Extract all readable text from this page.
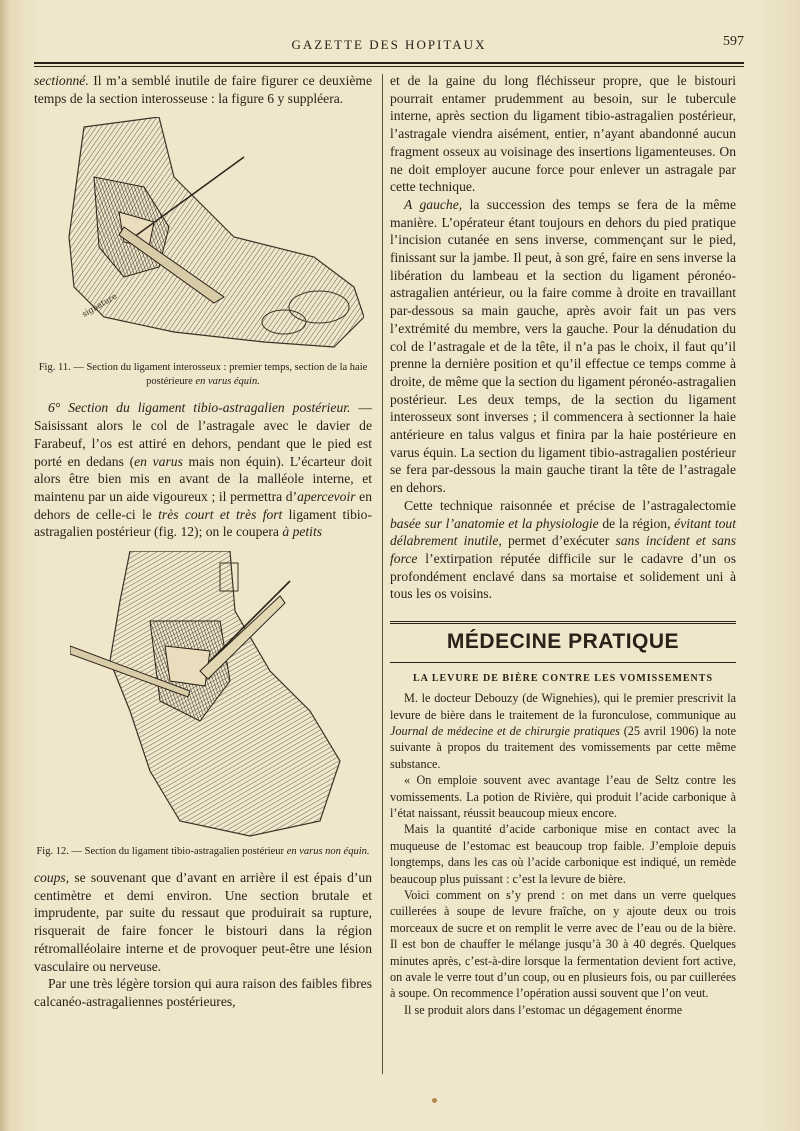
GAZETTE DES HOPITAUX	597

sectionné. Il m’a semblé inutile de faire figurer ce deuxième temps de la section interosseuse : la figure 6 y suppléera.

signature

Fig. 11. — Section du ligament interosseux : premier temps, section de la haie postérieure en varus équin.

6° Section du ligament tibio-astragalien postérieur. — Saisissant alors le col de l’astragale avec le davier de Farabeuf, l’os est attiré en dehors, pendant que le pied est porté en dedans (en varus mais non équin). L’écarteur doit alors être bien mis en avant de la malléole interne, et maintenu par un aide vigoureux ; il permettra d’apercevoir en dehors de celle-ci le très court et très fort ligament tibio-astragalien postérieur (fig. 12); on le coupera à petits

Fig. 12. — Section du ligament tibio-astragalien postérieur en varus non équin.

coups, se souvenant que d’avant en arrière il est épais d’un centimètre et demi environ. Une section brutale et imprudente, par suite du ressaut que produirait sa rupture, risquerait de faire foncer le bistouri dans la région rétromalléolaire interne et de provoquer peut-être une lésion vasculaire ou nerveuse.

Par une très légère torsion qui aura raison des faibles fibres calcanéo-astragaliennes postérieures,

et de la gaine du long fléchisseur propre, que le bistouri pourrait entamer prudemment au besoin, sur le tubercule interne, après section du ligament tibio-astragalien postérieur, l’astragale viendra aisément, entier, n’ayant abandonné aucun fragment osseux au voisinage des insertions ligamenteuses. On ne doit employer aucune force pour enlever un astragale par cette technique.

A gauche, la succession des temps se fera de la même manière. L’opérateur étant toujours en dehors du pied pratique l’incision cutanée en sens inverse, commençant sur le pied, finissant sur la jambe. Il peut, à son gré, faire en sens inverse la libération du lambeau et la section du ligament péronéo-astragalien antérieur, ou la faire comme à droite en travaillant par-dessous sa main gauche, après avoir fait un pas vers l’extrémité du membre, vers la gauche. Pour la dénudation du col de l’astragale et de la tête, il n’a pas le choix, il faut qu’il prenne la dernière position et qu’il effectue ce temps comme à droite, de même que la section du ligament péronéo-astragalien postérieur. Les deux temps, de la section du ligament interosseux sont inverses ; il commencera à sectionner la haie antérieure en talus valgus et finira par la haie postérieure en varus équin. La section du ligament tibio-astragalien postérieur se fera par-dessous la main gauche tirant la tête de l’astragale en dehors.

Cette technique raisonnée et précise de l’astragalectomie basée sur l’anatomie et la physiologie de la région, évitant tout délabrement inutile, permet d’exécuter sans incident et sans force l’extirpation réputée difficile sur le cadavre d’un os profondément enclavé dans sa mortaise et solidement uni à tous les os voisins.

MÉDECINE PRATIQUE
LA LEVURE DE BIÈRE CONTRE LES VOMISSEMENTS

M. le docteur Debouzy (de Wignehies), qui le premier prescrivit la levure de bière dans le traitement de la furonculose, communique au Journal de médecine et de chirurgie pratiques (25 avril 1906) la note suivante à propos du traitement des vomissements par cette même substance.

« On emploie souvent avec avantage l’eau de Seltz contre les vomissements. La potion de Rivière, qui produit l’acide carbonique à l’état naissant, réussit beaucoup mieux encore.

Mais la quantité d’acide carbonique mise en contact avec la muqueuse de l’estomac est beaucoup trop faible. J’emploie depuis longtemps, dans les cas où l’acide carbonique est indiqué, un remède beaucoup plus puissant : c’est la levure de bière.

Voici comment on s’y prend : on met dans un verre quelques cuillerées à soupe de levure fraîche, on y ajoute deux ou trois morceaux de sucre et on remplit le verre avec de l’eau ou de la bière. Il est bon de chauffer le mélange jusqu’à 30 à 40 degrés. Quelques minutes après, c’est-à-dire lorsque la fermentation devient fort active, on avale le verre tout d’un coup, ou en plusieurs fois, ou par cuillerées à soupe. On recommence l’opération aussi souvent que l’on veut.

Il se produit alors dans l’estomac un dégagement énorme
